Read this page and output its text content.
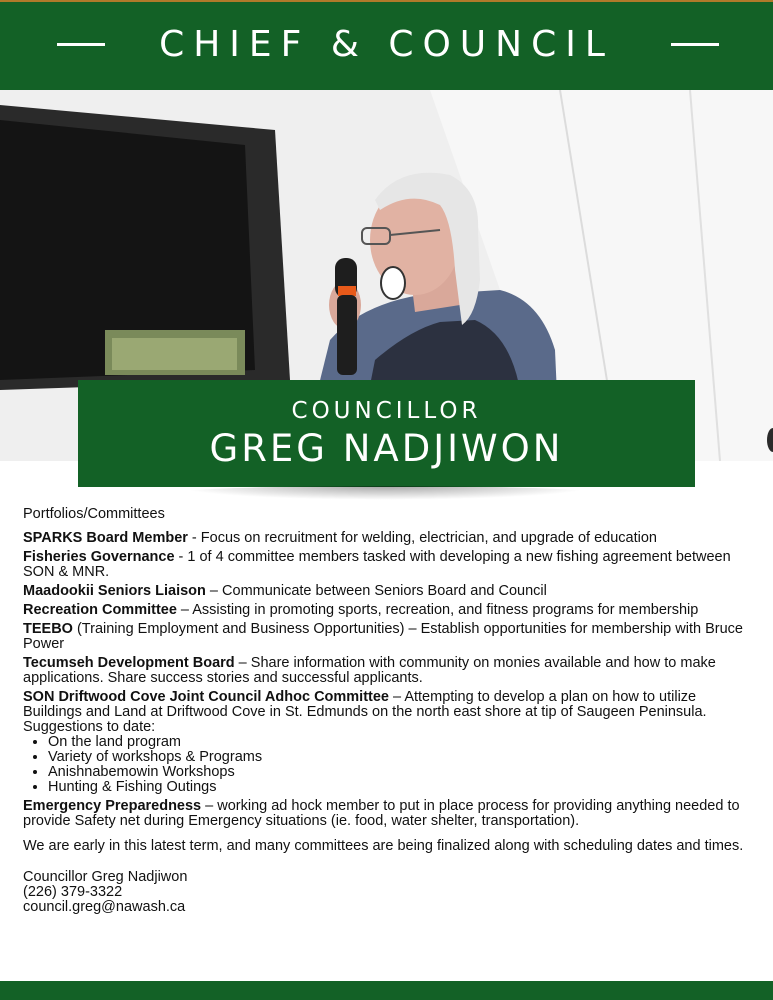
CHIEF & COUNCIL
COUNCILLOR
GREG NADJIWON
Portfolios/Committees
SPARKS Board Member - Focus on recruitment for welding, electrician, and upgrade of education
Fisheries Governance - 1 of 4 committee members tasked with developing a new fishing agreement between SON & MNR.
Maadookii Seniors Liaison – Communicate between Seniors Board and Council
Recreation Committee – Assisting in promoting sports, recreation, and fitness programs for membership
TEEBO (Training Employment and Business Opportunities) – Establish opportunities for membership with Bruce Power
Tecumseh Development Board – Share information with community on monies available and how to make applications. Share success stories and successful applicants.
SON Driftwood Cove Joint Council Adhoc Committee – Attempting to develop a plan on how to utilize Buildings and Land at Driftwood Cove in St. Edmunds on the north east shore at tip of Saugeen Peninsula. Suggestions to date:
• On the land program
• Variety of workshops & Programs
• Anishnabemowin Workshops
• Hunting & Fishing Outings
Emergency Preparedness – working ad hock member to put in place process for providing anything needed to provide Safety net during Emergency situations (ie. food, water shelter, transportation).
We are early in this latest term, and many committees are being finalized along with scheduling dates and times.
Councillor Greg Nadjiwon
(226) 379-3322
council.greg@nawash.ca
